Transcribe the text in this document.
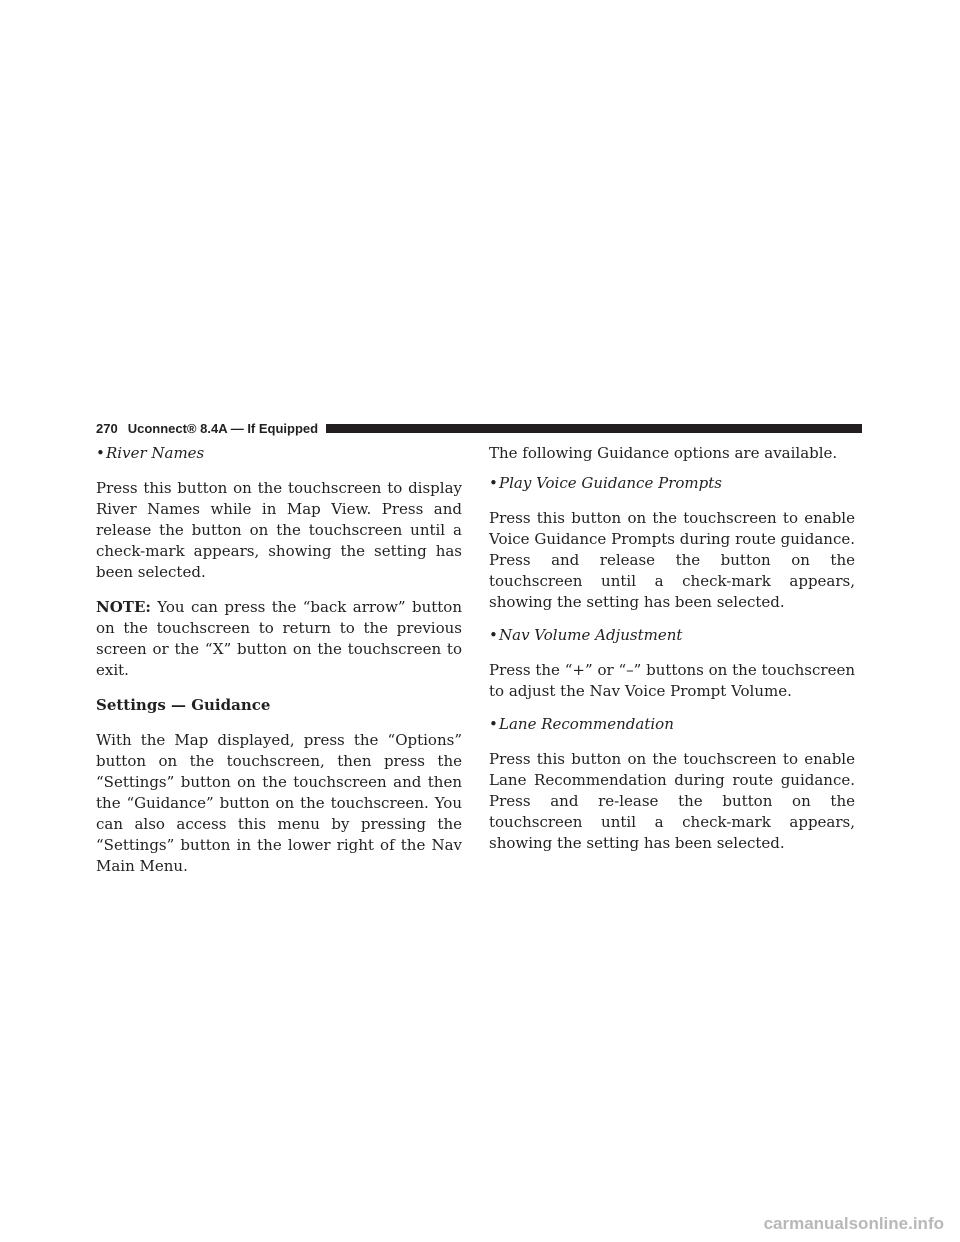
270 Uconnect® 8.4A — If Equipped
• River Names

Press this button on the touchscreen to display River Names while in Map View. Press and release the button on the touchscreen until a check-mark appears, showing the setting has been selected.

NOTE: You can press the “back arrow” button on the touchscreen to return to the previous screen or the “X” button on the touchscreen to exit.

Settings — Guidance

With the Map displayed, press the “Options” button on the touchscreen, then press the “Settings” button on the touchscreen and then the “Guidance” button on the touchscreen. You can also access this menu by pressing the “Settings” button in the lower right of the Nav Main Menu.

The following Guidance options are available.

• Play Voice Guidance Prompts

Press this button on the touchscreen to enable Voice Guidance Prompts during route guidance. Press and release the button on the touchscreen until a check-mark appears, showing the setting has been selected.

• Nav Volume Adjustment

Press the “+” or “–” buttons on the touchscreen to adjust the Nav Voice Prompt Volume.

• Lane Recommendation

Press this button on the touchscreen to enable Lane Recommendation during route guidance. Press and re-lease the button on the touchscreen until a check-mark appears, showing the setting has been selected.

carmanualsonline.info
